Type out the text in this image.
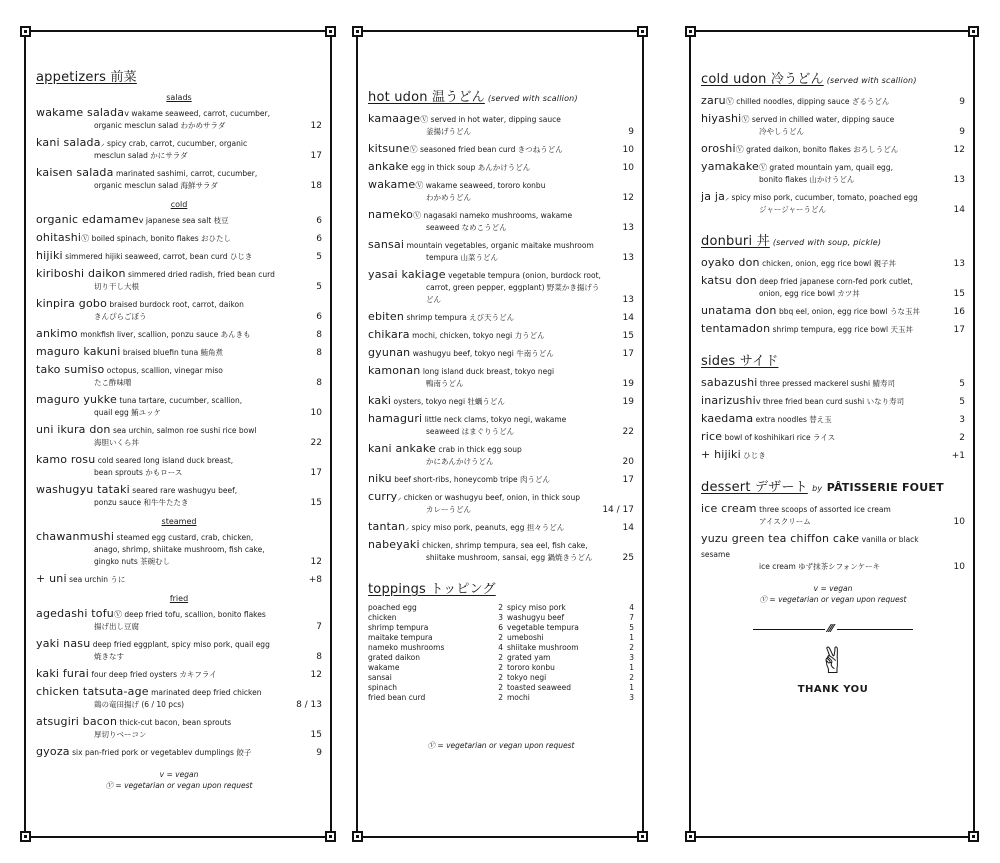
appetizers 前菜
salads
wakame saladaⅴ wakame seaweed, carrot, cucumber,
organic mesclun salad わかめサラダ	12
kani salada⸝ spicy crab, carrot, cucumber, organic
mesclun salad かにサラダ	17
kaisen salada marinated sashimi, carrot, cucumber,
organic mesclun salad 海鮮サラダ	18
cold
organic edamameⅴ japanese sea salt 枝豆	6
ohitashiⓋ boiled spinach, bonito flakes おひたし	6
hijiki simmered hijiki seaweed, carrot, bean curd ひじき	5
kiriboshi daikon simmered dried radish, fried bean curd
切り干し大根	5
kinpira gobo braised burdock root, carrot, daikon
きんぴらごぼう	6
ankimo monkfish liver, scallion, ponzu sauce あんきも	8
maguro kakuni braised bluefin tuna 鮪角煮	8
tako sumiso octopus, scallion, vinegar miso
たこ酢味噌	8
maguro yukke tuna tartare, cucumber, scallion,
quail egg 鮪ユッケ	10
uni ikura don sea urchin, salmon roe sushi rice bowl
海胆いくら丼	22
kamo rosu cold seared long island duck breast,
bean sprouts かもロース	17
washugyu tataki seared rare washugyu beef,
ponzu sauce 和牛牛たたき	15
steamed
chawanmushi steamed egg custard, crab, chicken,
anago, shrimp, shiitake mushroom, fish cake, gingko nuts 茶碗むし	12
+ uni sea urchin うに	+8
fried
agedashi tofuⓋ deep fried tofu, scallion, bonito flakes
揚げ出し豆腐	7
yaki nasu deep fried eggplant, spicy miso pork, quail egg
焼きなす	8
kaki furai four deep fried oysters カキフライ	12
chicken tatsuta-age marinated deep fried chicken
鶏の竜田揚げ (6 / 10 pcs)	8 / 13
atsugiri bacon thick-cut bacon, bean sprouts
厚切りベーコン	15
gyoza six pan-fried pork or vegetableⅴ dumplings 餃子	9
ⅴ = vegan
Ⓥ = vegetarian or vegan upon request
hot udon 温うどん (served with scallion)
kamaageⓋ served in hot water, dipping sauce
釜揚げうどん	9
kitsuneⓋ seasoned fried bean curd きつねうどん	10
ankake egg in thick soup あんかけうどん	10
wakameⓋ wakame seaweed, tororo konbu
わかめうどん	12
namekoⓋ nagasaki nameko mushrooms, wakame
seaweed なめこうどん	13
sansai mountain vegetables, organic maitake mushroom
tempura 山菜うどん	13
yasai kakiage vegetable tempura (onion, burdock root,
carrot, green pepper, eggplant) 野菜かき揚げうどん	13
ebiten shrimp tempura えび天うどん	14
chikara mochi, chicken, tokyo negi 力うどん	15
gyunan washugyu beef, tokyo negi 牛南うどん	17
kamonan long island duck breast, tokyo negi
鴨南うどん	19
kaki oysters, tokyo negi 牡蠣うどん	19
hamaguri little neck clams, tokyo negi, wakame
seaweed はまぐりうどん	22
kani ankake crab in thick egg soup
かにあんかけうどん	20
niku beef short-ribs, honeycomb tripe 肉うどん	17
curry⸝ chicken or washugyu beef, onion, in thick soup
カレーうどん	14 / 17
tantan⸝ spicy miso pork, peanuts, egg 担々うどん	14
nabeyaki chicken, shrimp tempura, sea eel, fish cake,
shiitake mushroom, sansai, egg 鍋焼きうどん	25
toppings トッピング
poached egg	2 spicy miso pork	4
chicken	3 washugyu beef	7
shrimp tempura	6 vegetable tempura	5
maitake tempura	2 umeboshi	1
nameko mushrooms	4 shiitake mushroom	2
grated daikon	2 grated yam	3
wakame	2 tororo konbu	1
sansai	2 tokyo negi	2
spinach	2 toasted seaweed	1
fried bean curd	2 mochi	3
Ⓥ = vegetarian or vegan upon request
cold udon 冷うどん (served with scallion)
zaruⓋ chilled noodles, dipping sauce ざるうどん	9
hiyashiⓋ served in chilled water, dipping sauce
冷やしうどん	9
oroshiⓋ grated daikon, bonito flakes おろしうどん	12
yamakakeⓋ grated mountain yam, quail egg,
bonito flakes 山かけうどん	13
ja ja⸝ spicy miso pork, cucumber, tomato, poached egg
ジャージャーうどん	14
donburi 丼 (served with soup, pickle)
oyako don chicken, onion, egg rice bowl 親子丼	13
katsu don deep fried japanese corn-fed pork cutlet,
onion, egg rice bowl カツ丼	15
unatama don bbq eel, onion, egg rice bowl うな玉丼	16
tentamadon shrimp tempura, egg rice bowl 天玉丼	17
sides サイド
sabazushi three pressed mackerel sushi 鯖寿司	5
inarizushiⅴ three fried bean curd sushi いなり寿司	5
kaedama extra noodles 替え玉	3
rice bowl of koshihikari rice ライス	2
+ hijiki ひじき	+1
dessert デザート by PÂTISSERIE FOUET
ice cream three scoops of assorted ice cream
アイスクリーム	10
yuzu green tea chiffon cake vanilla or black sesame
ice cream ゆず抹茶シフォンケーキ	10
ⅴ = vegan
Ⓥ = vegetarian or vegan upon request
⁄⁄⁄
✌
THANK YOU
